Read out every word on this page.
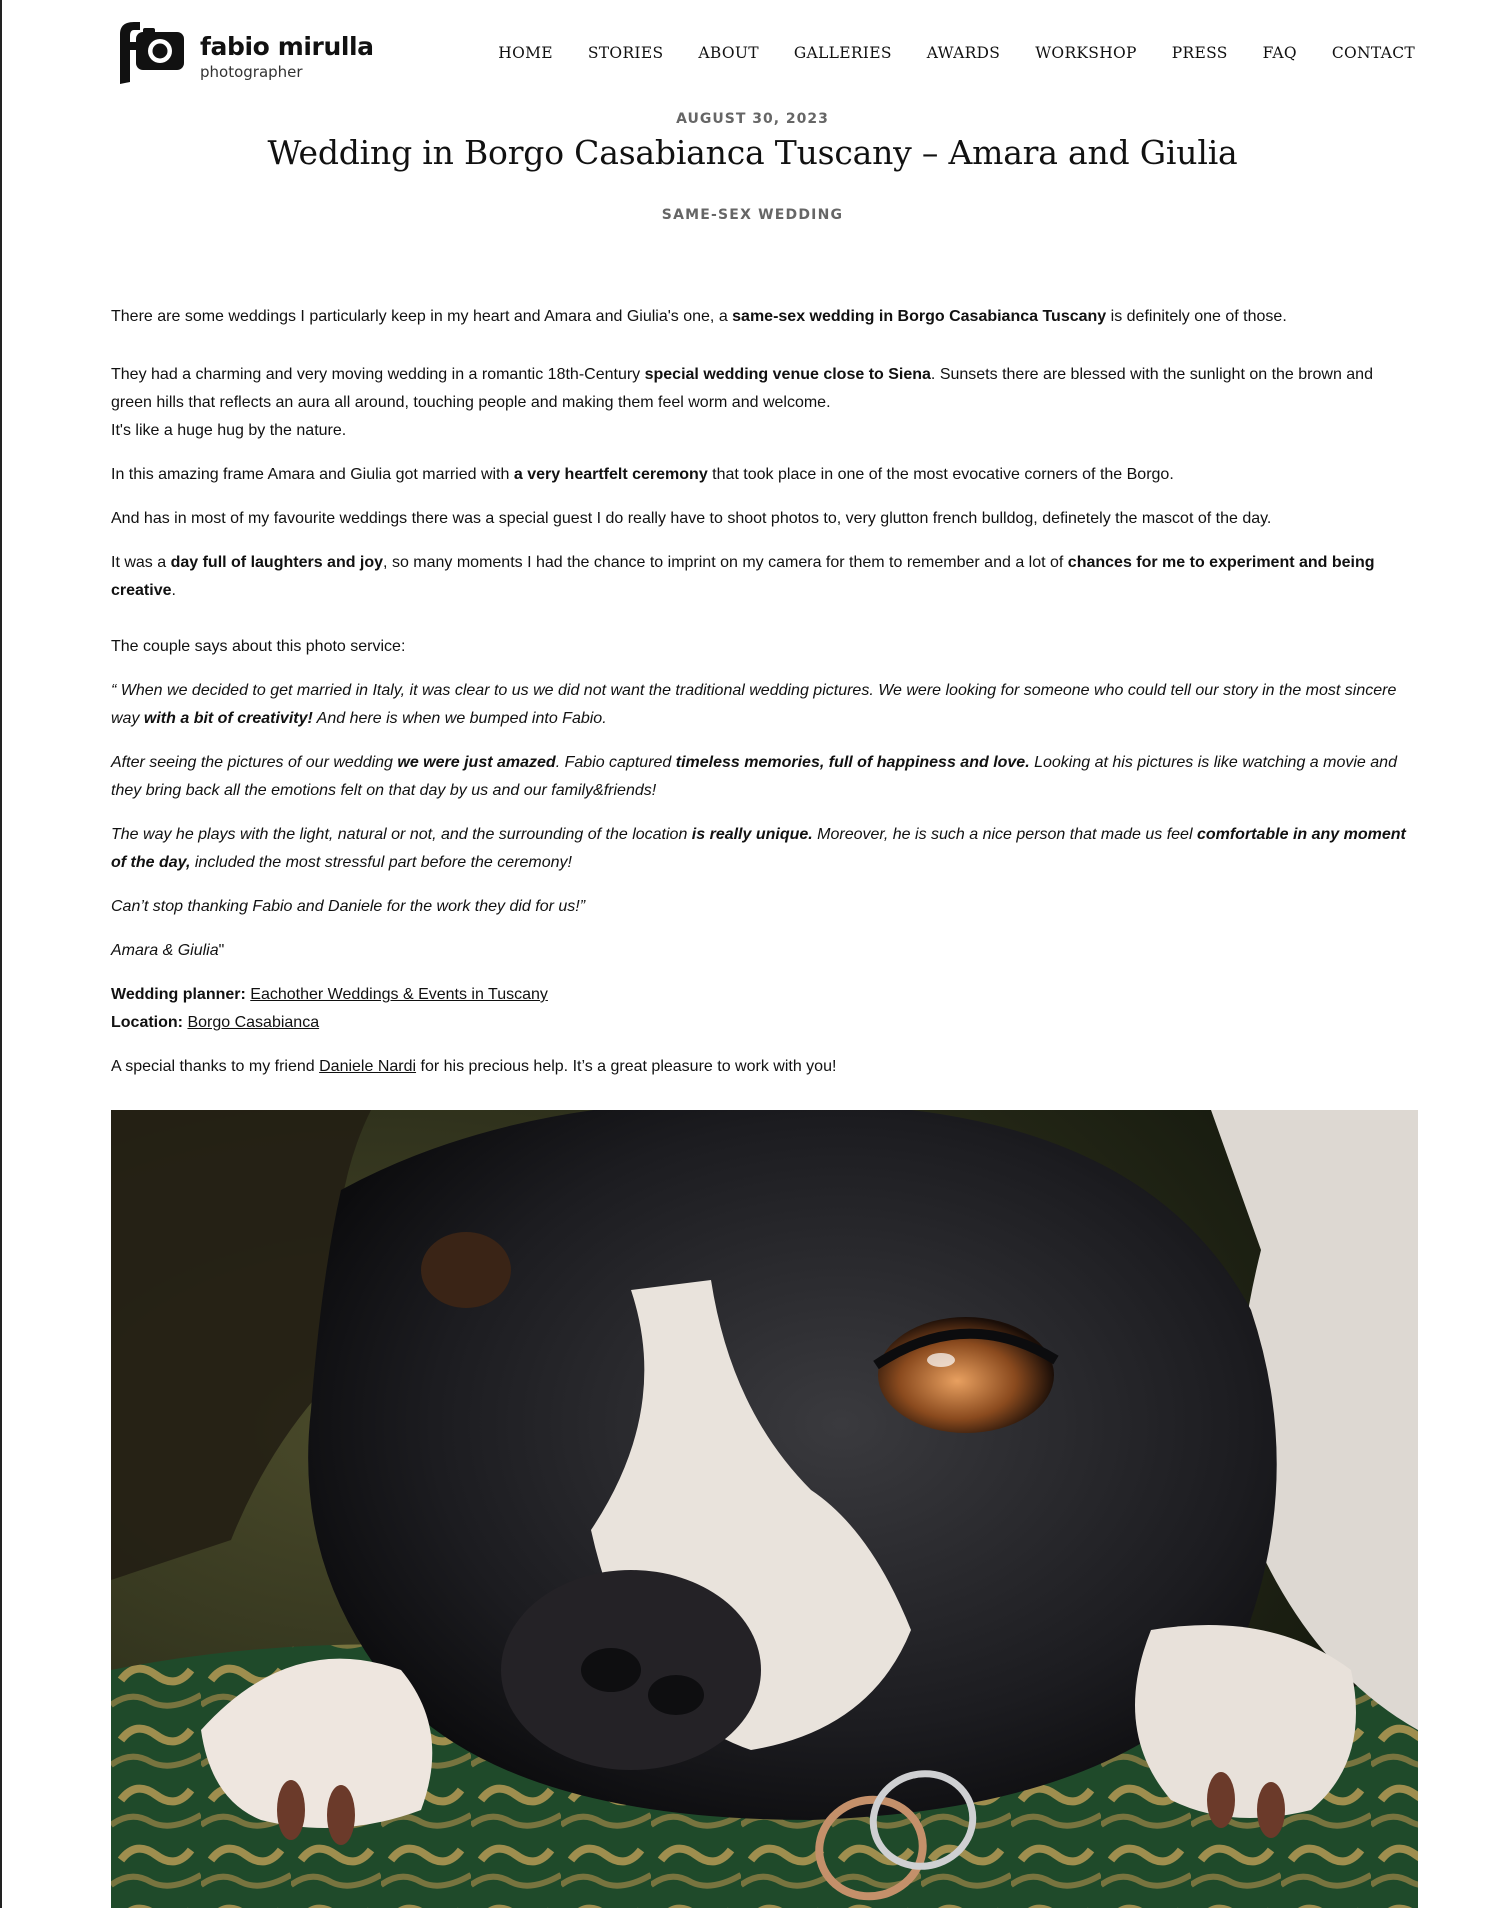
fabio mirulla
photographer
HOME STORIES ABOUT GALLERIES AWARDS WORKSHOP PRESS FAQ CONTACT
AUGUST 30, 2023
Wedding in Borgo Casabianca Tuscany – Amara and Giulia
SAME-SEX WEDDING

There are some weddings I particularly keep in my heart and Amara and Giulia's one, a same-sex wedding in Borgo Casabianca Tuscany is definitely one of those.

They had a charming and very moving wedding in a romantic 18th-Century special wedding venue close to Siena. Sunsets there are blessed with the sunlight on the brown and green hills that reflects an aura all around, touching people and making them feel worm and welcome.
It's like a huge hug by the nature.

In this amazing frame Amara and Giulia got married with a very heartfelt ceremony that took place in one of the most evocative corners of the Borgo.

And has in most of my favourite weddings there was a special guest I do really have to shoot photos to, very glutton french bulldog, definetely the mascot of the day.

It was a day full of laughters and joy, so many moments I had the chance to imprint on my camera for them to remember and a lot of chances for me to experiment and being creative.

The couple says about this photo service:

“ When we decided to get married in Italy, it was clear to us we did not want the traditional wedding pictures. We were looking for someone who could tell our story in the most sincere way with a bit of creativity! And here is when we bumped into Fabio.

After seeing the pictures of our wedding we were just amazed. Fabio captured timeless memories, full of happiness and love. Looking at his pictures is like watching a movie and they bring back all the emotions felt on that day by us and our family&friends!

The way he plays with the light, natural or not, and the surrounding of the location is really unique. Moreover, he is such a nice person that made us feel comfortable in any moment of the day, included the most stressful part before the ceremony!

Can’t stop thanking Fabio and Daniele for the work they did for us!”

Amara & Giulia"

Wedding planner: Eachother Weddings & Events in Tuscany
Location: Borgo Casabianca

A special thanks to my friend Daniele Nardi for his precious help. It’s a great pleasure to work with you!
